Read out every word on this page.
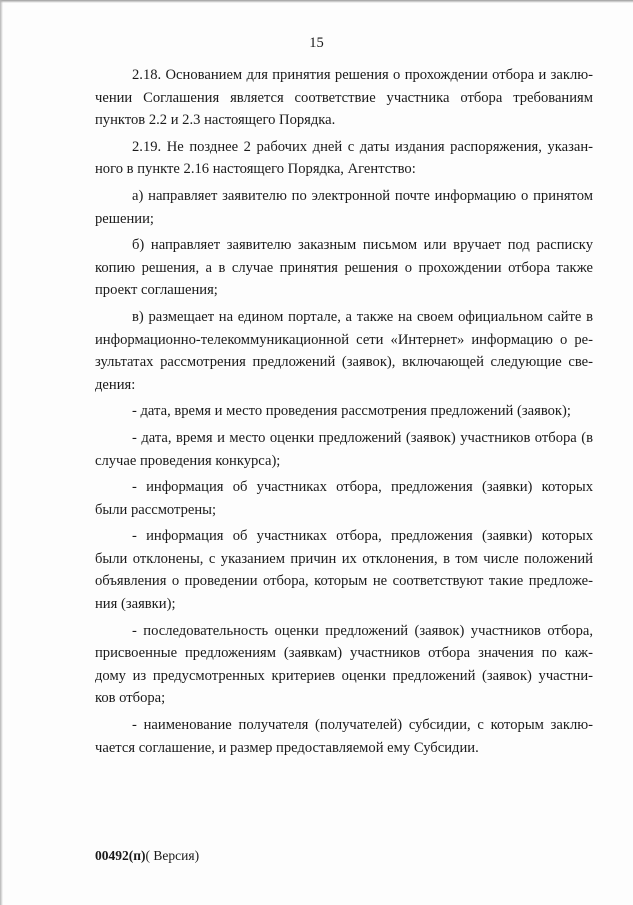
15
2.18. Основанием для принятия решения о прохождении отбора и заклю-
чении Соглашения является соответствие участника отбора требованиям
пунктов 2.2 и 2.3 настоящего Порядка.
2.19. Не позднее 2 рабочих дней с даты издания распоряжения, указан-
ного в пункте 2.16 настоящего Порядка, Агентство:
а) направляет заявителю по электронной почте информацию о принятом
решении;
б) направляет заявителю заказным письмом или вручает под расписку
копию решения, а в случае принятия решения о прохождении отбора также
проект соглашения;
в) размещает на едином портале, а также на своем официальном сайте в
информационно-телекоммуникационной сети «Интернет» информацию о ре-
зультатах рассмотрения предложений (заявок), включающей следующие све-
дения:
- дата, время и место проведения рассмотрения предложений (заявок);
- дата, время и место оценки предложений (заявок) участников отбора (в
случае проведения конкурса);
- информация об участниках отбора, предложения (заявки) которых
были рассмотрены;
- информация об участниках отбора, предложения (заявки) которых
были отклонены, с указанием причин их отклонения, в том числе положений
объявления о проведении отбора, которым не соответствуют такие предложе-
ния (заявки);
- последовательность оценки предложений (заявок) участников отбора,
присвоенные предложениям (заявкам) участников отбора значения по каж-
дому из предусмотренных критериев оценки предложений (заявок) участни-
ков отбора;
- наименование получателя (получателей) субсидии, с которым заклю-
чается соглашение, и размер предоставляемой ему Субсидии.
00492(п)( Версия)
